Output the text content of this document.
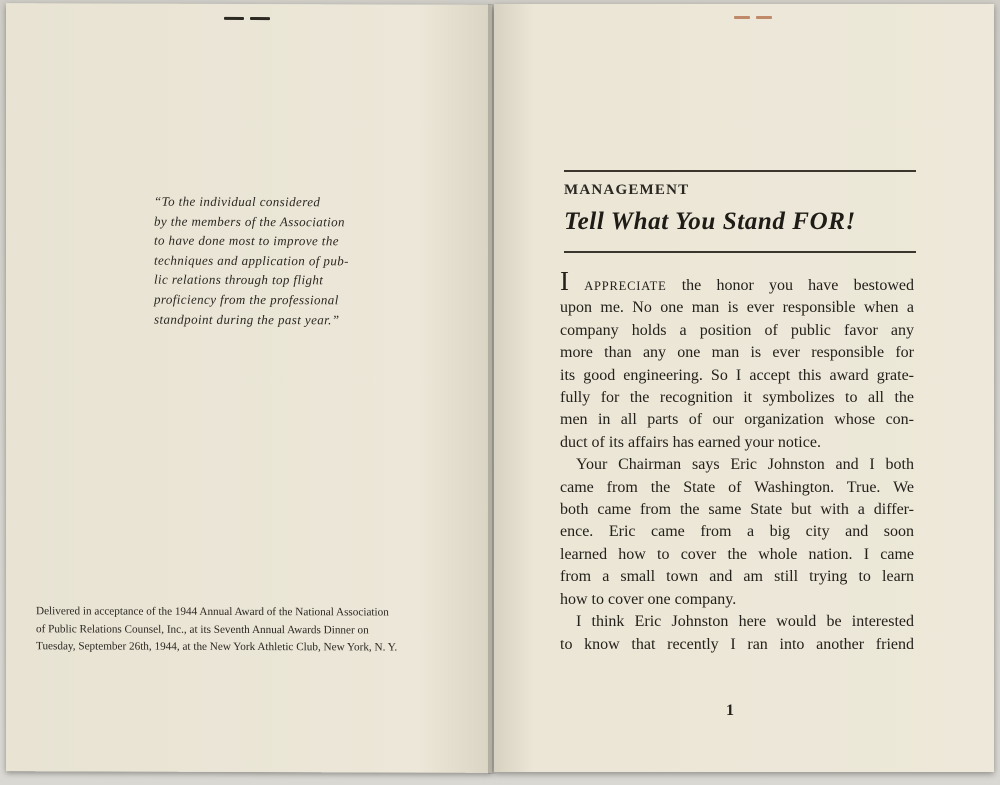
“To the individual considered
by the members of the Association
to have done most to improve the
techniques and application of pub-
lic relations through top flight
proficiency from the professional
standpoint during the past year.”

Delivered in acceptance of the 1944 Annual Award of the National Association
of Public Relations Counsel, Inc., at its Seventh Annual Awards Dinner on
Tuesday, September 26th, 1944, at the New York Athletic Club, New York, N. Y.

MANAGEMENT

Tell What You Stand FOR!
I APPRECIATE the honor you have bestowed
upon me. No one man is ever responsible when a
company holds a position of public favor any
more than any one man is ever responsible for
its good engineering. So I accept this award grate-
fully for the recognition it symbolizes to all the
men in all parts of our organization whose con-
duct of its affairs has earned your notice.
Your Chairman says Eric Johnston and I both
came from the State of Washington. True. We
both came from the same State but with a differ-
ence. Eric came from a big city and soon
learned how to cover the whole nation. I came
from a small town and am still trying to learn
how to cover one company.
I think Eric Johnston here would be interested
to know that recently I ran into another friend

1
